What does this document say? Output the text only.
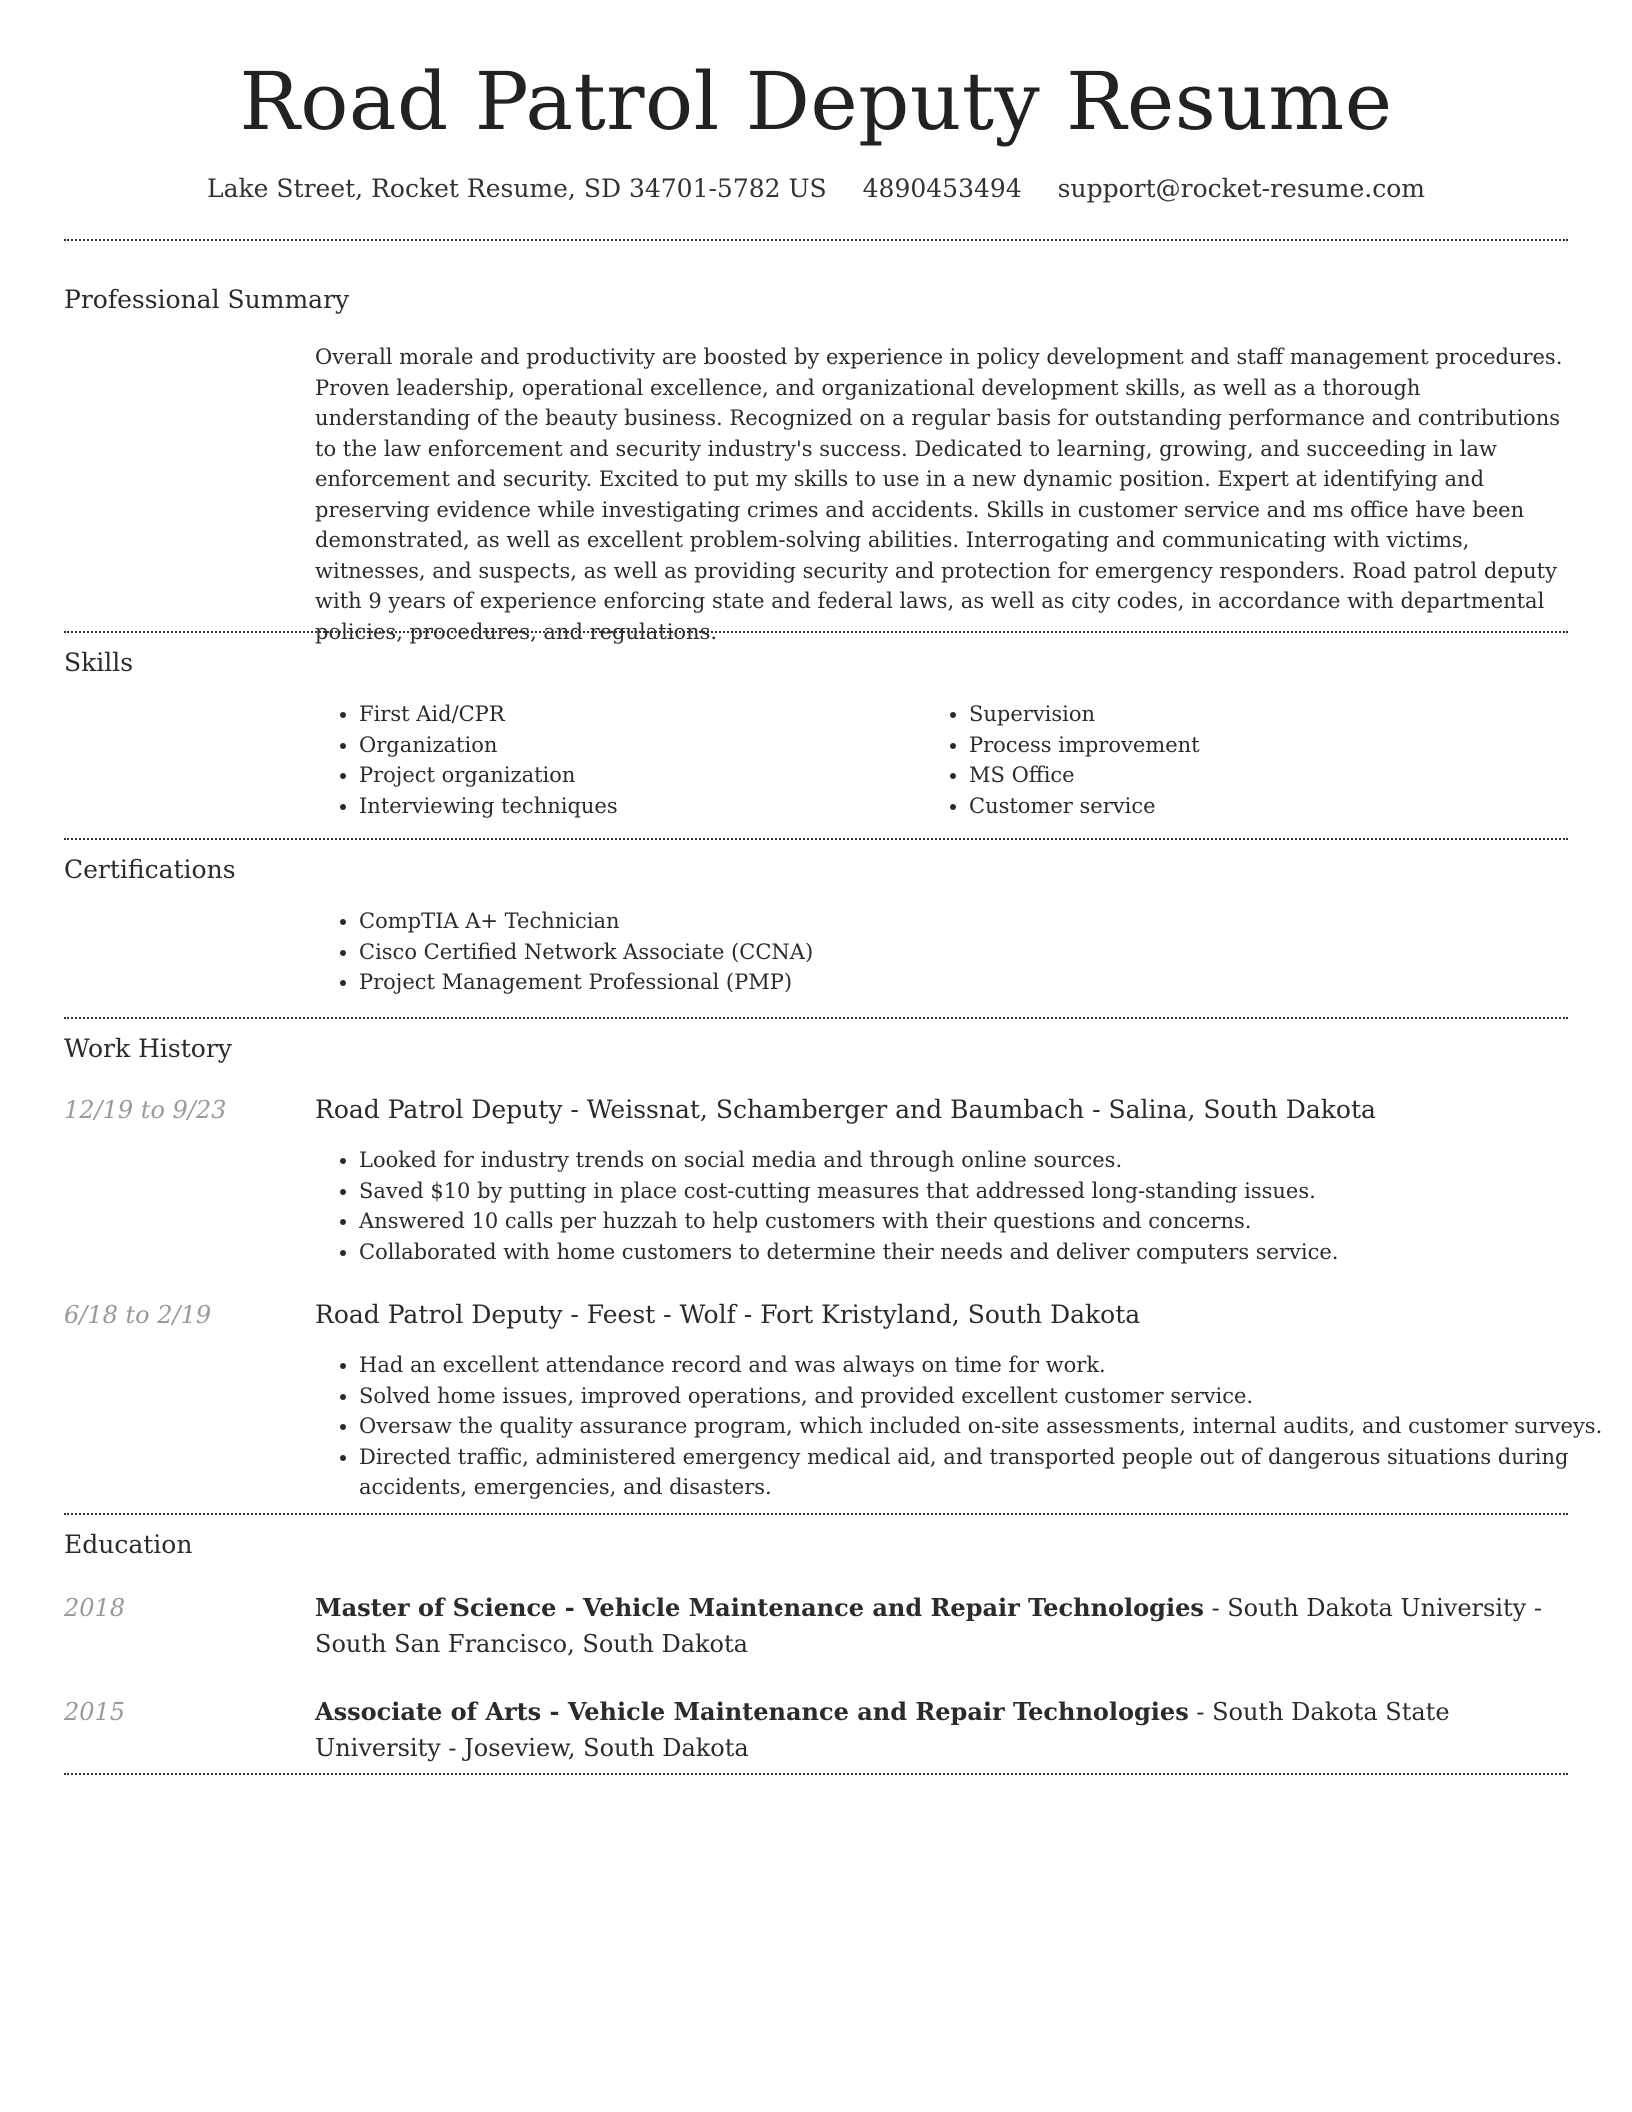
Road Patrol Deputy Resume
Lake Street, Rocket Resume, SD 34701-5782 US 4890453494 support@rocket-resume.com
Professional Summary

Overall morale and productivity are boosted by experience in policy development and staff management procedures. Proven leadership, operational excellence, and organizational development skills, as well as a thorough understanding of the beauty business. Recognized on a regular basis for outstanding performance and contributions to the law enforcement and security industry's success. Dedicated to learning, growing, and succeeding in law enforcement and security. Excited to put my skills to use in a new dynamic position. Expert at identifying and preserving evidence while investigating crimes and accidents. Skills in customer service and ms office have been demonstrated, as well as excellent problem-solving abilities. Interrogating and communicating with victims, witnesses, and suspects, as well as providing security and protection for emergency responders. Road patrol deputy with 9 years of experience enforcing state and federal laws, as well as city codes, in accordance with departmental policies, procedures, and regulations.

Skills
• First Aid/CPR
• Organization
• Project organization
• Interviewing techniques
• Supervision
• Process improvement
• MS Office
• Customer service
Certifications
• CompTIA A+ Technician
• Cisco Certified Network Associate (CCNA)
• Project Management Professional (PMP)
Work History
12/19 to 9/23	Road Patrol Deputy - Weissnat, Schamberger and Baumbach - Salina, South Dakota
• Looked for industry trends on social media and through online sources.
• Saved $10 by putting in place cost-cutting measures that addressed long-standing issues.
• Answered 10 calls per huzzah to help customers with their questions and concerns.
• Collaborated with home customers to determine their needs and deliver computers service.
6/18 to 2/19	Road Patrol Deputy - Feest - Wolf - Fort Kristyland, South Dakota
• Had an excellent attendance record and was always on time for work.
• Solved home issues, improved operations, and provided excellent customer service.
• Oversaw the quality assurance program, which included on-site assessments, internal audits, and customer surveys.
• Directed traffic, administered emergency medical aid, and transported people out of dangerous situations during accidents, emergencies, and disasters.
Education
2018	Master of Science - Vehicle Maintenance and Repair Technologies - South Dakota University - South San Francisco, South Dakota
2015	Associate of Arts - Vehicle Maintenance and Repair Technologies - South Dakota State University - Joseview, South Dakota
